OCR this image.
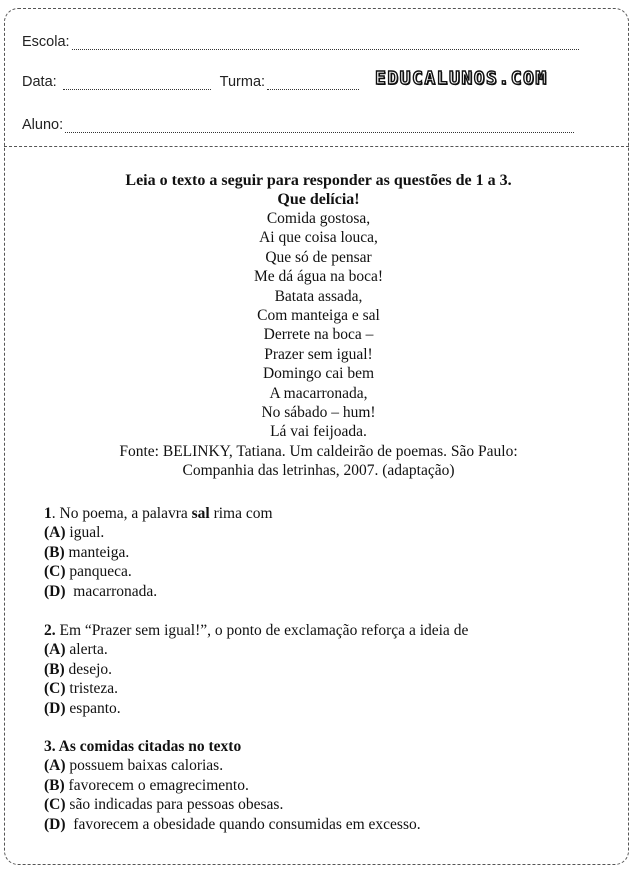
Escola:
Data:	Turma:	EDUCALUNOS.COM
Aluno:
Leia o texto a seguir para responder as questões de 1 a 3.
Que delícia!
Comida gostosa,
Ai que coisa louca,
Que só de pensar
Me dá água na boca!
Batata assada,
Com manteiga e sal
Derrete na boca –
Prazer sem igual!
Domingo cai bem
A macarronada,
No sábado – hum!
Lá vai feijoada.
Fonte: BELINKY, Tatiana. Um caldeirão de poemas. São Paulo:
Companhia das letrinhas, 2007. (adaptação)
1. No poema, a palavra sal rima com
(A) igual.
(B) manteiga.
(C) panqueca.
(D)  macarronada.
2. Em “Prazer sem igual!”, o ponto de exclamação reforça a ideia de
(A) alerta.
(B) desejo.
(C) tristeza.
(D) espanto.
3. As comidas citadas no texto
(A) possuem baixas calorias.
(B) favorecem o emagrecimento.
(C) são indicadas para pessoas obesas.
(D)  favorecem a obesidade quando consumidas em excesso.
